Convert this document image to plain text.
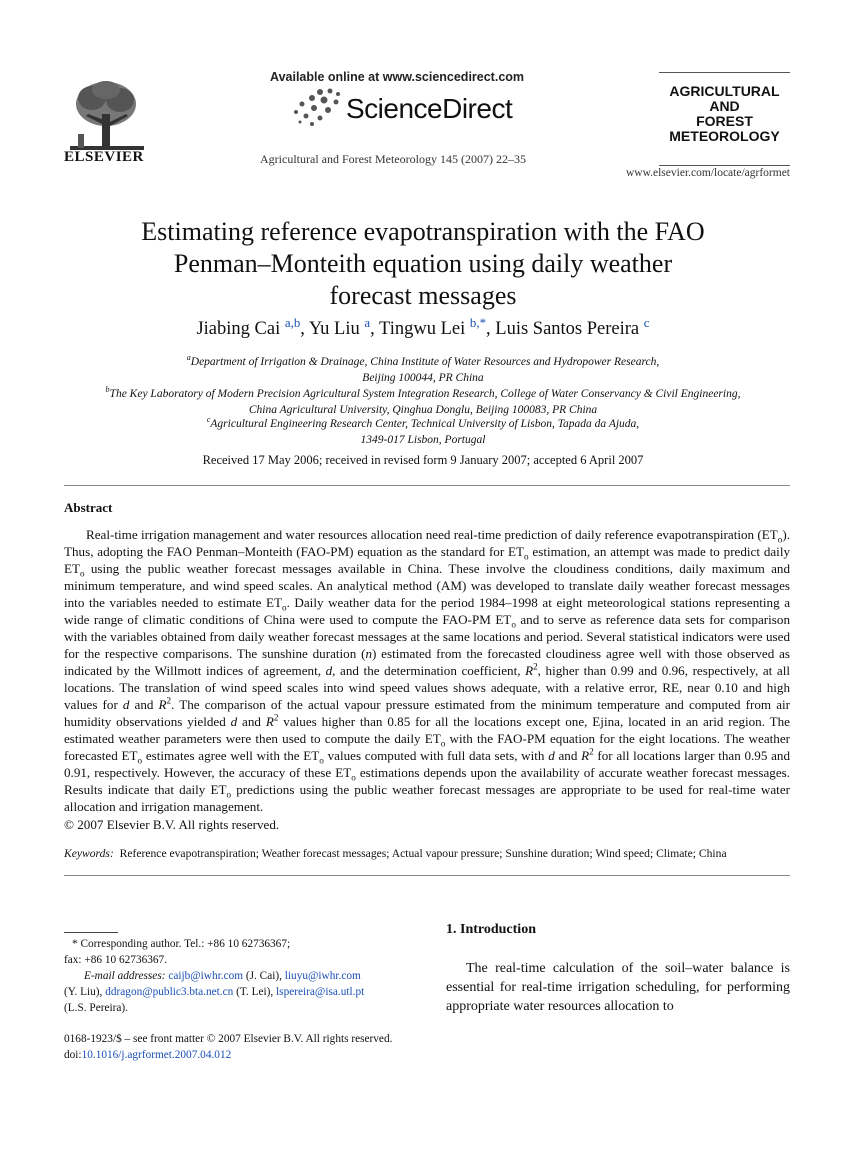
ELSEVIER
Available online at www.sciencedirect.com
ScienceDirect
Agricultural and Forest Meteorology 145 (2007) 22–35
AGRICULTURAL
AND
FOREST
METEOROLOGY
www.elsevier.com/locate/agrformet
Estimating reference evapotranspiration with the FAO
Penman–Monteith equation using daily weather
forecast messages
Jiabing Cai $^{a,b}$, Yu Liu $^a$, Tingwu Lei $^{b,*}$, Luis Santos Pereira $^c$
$^a$Department of Irrigation & Drainage, China Institute of Water Resources and Hydropower Research,
Beijing 100044, PR China
$^b$The Key Laboratory of Modern Precision Agricultural System Integration Research, College of Water Conservancy & Civil Engineering,
China Agricultural University, Qinghua Donglu, Beijing 100083, PR China
$^c$Agricultural Engineering Research Center, Technical University of Lisbon, Tapada da Ajuda,
1349-017 Lisbon, Portugal
Received 17 May 2006; received in revised form 9 January 2007; accepted 6 April 2007
Abstract

Real-time irrigation management and water resources allocation need real-time prediction of daily reference evapotranspiration $(ET_o)$. Thus, adopting the FAO Penman–Monteith (FAO-PM) equation as the standard for $ET_o$ estimation, an attempt was made to predict daily $ET_o$ using the public weather forecast messages available in China. These involve the cloudiness conditions, daily maximum and minimum temperature, and wind speed scales. An analytical method (AM) was developed to translate daily weather forecast messages into the variables needed to estimate $ET_o$. Daily weather data for the period 1984–1998 at eight meteorological stations representing a wide range of climatic conditions of China were used to compute the FAO-PM $ET_o$ and to serve as reference data sets for comparison with the variables obtained from daily weather forecast messages at the same locations and period. Several statistical indicators were used for the respective comparisons. The sunshine duration (n) estimated from the forecasted cloudiness agree well with those observed as indicated by the Willmott indices of agreement, d, and the determination coefficient, $R^2$, higher than 0.99 and 0.96, respectively, at all locations. The translation of wind speed scales into wind speed values shows adequate, with a relative error, RE, near 0.10 and high values for d and $R^2$. The comparison of the actual vapour pressure estimated from the minimum temperature and computed from air humidity observations yielded d and $R^2$ values higher than 0.85 for all the locations except one, Ejina, located in an arid region. The estimated weather parameters were then used to compute the daily $ET_o$ with the FAO-PM equation for the eight locations. The weather forecasted $ET_o$ estimates agree well with the $ET_o$ values computed with full data sets, with d and $R^2$ for all locations larger than 0.95 and 0.91, respectively. However, the accuracy of these $ET_o$ estimations depends upon the availability of accurate weather forecast messages. Results indicate that daily $ET_o$ predictions using the public weather forecast messages are appropriate to be used for real-time water allocation and irrigation management.

© 2007 Elsevier B.V. All rights reserved.
Keywords: Reference evapotranspiration; Weather forecast messages; Actual vapour pressure; Sunshine duration; Wind speed; Climate; China
* Corresponding author. Tel.: +86 10 62736367;
fax: +86 10 62736367.
E-mail addresses: caijb@iwhr.com (J. Cai), liuyu@iwhr.com
(Y. Liu), ddragon@public3.bta.net.cn (T. Lei), lspereira@isa.utl.pt
(L.S. Pereira).
0168-1923/$ – see front matter © 2007 Elsevier B.V. All rights reserved.
doi:10.1016/j.agrformet.2007.04.012
1. Introduction
The real-time calculation of the soil–water balance is essential for real-time irrigation scheduling, for performing appropriate water resources allocation to
